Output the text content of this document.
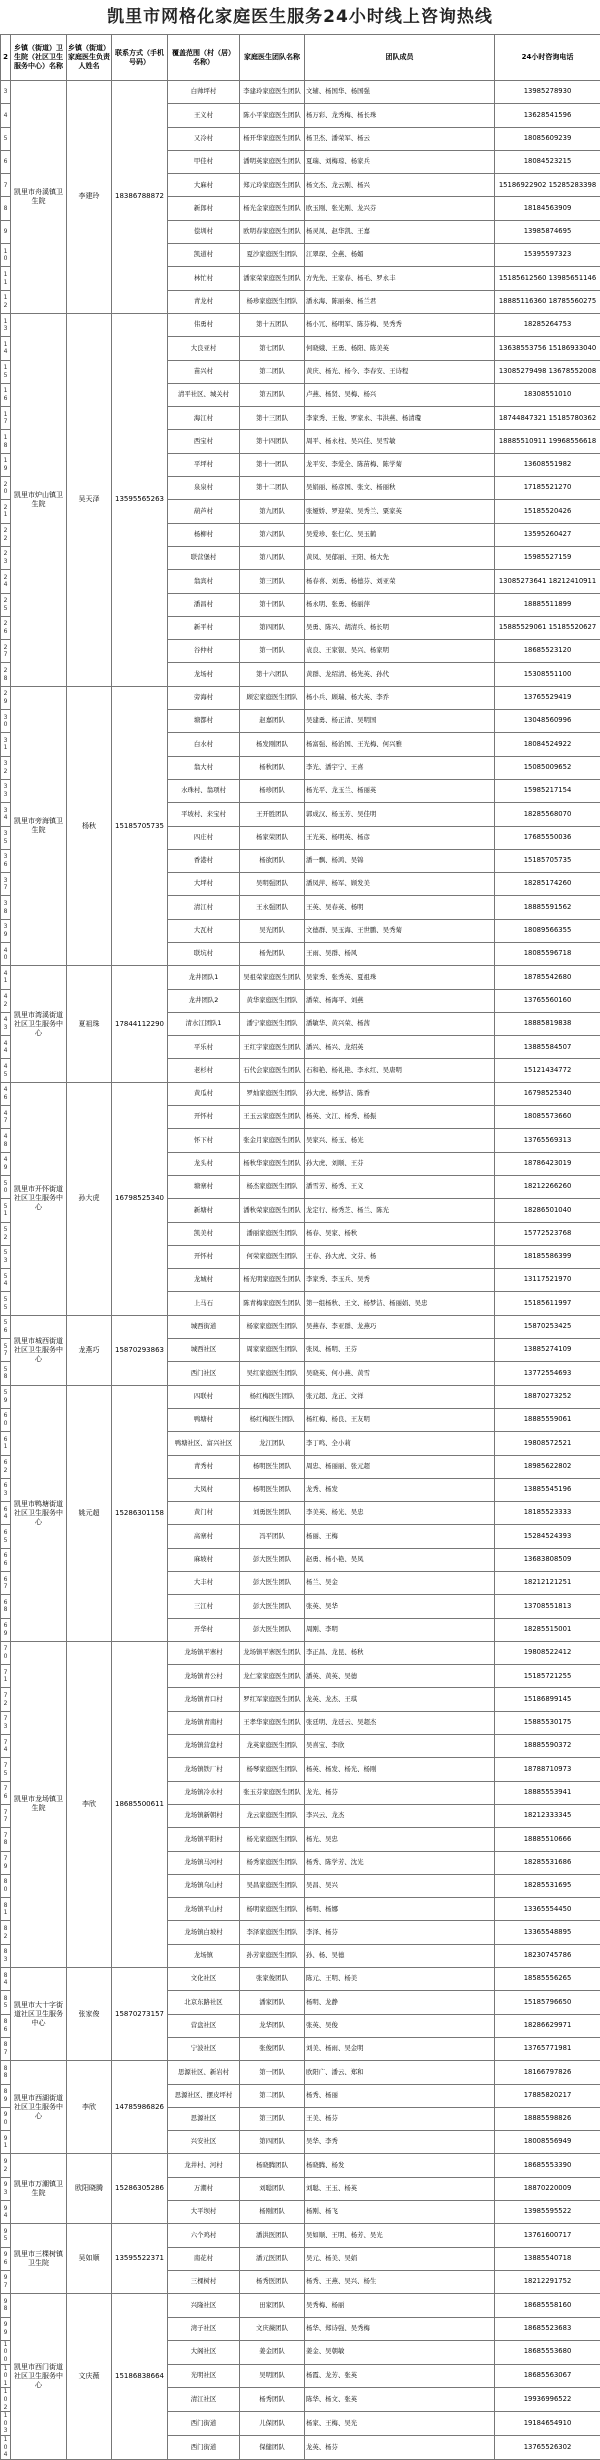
凯里市网格化家庭医生服务24小时线上咨询热线
2	乡镇（街道）卫生院（社区卫生服务中心）名称	乡镇（街道）家庭医生负责人姓名	联系方式（手机号码）	覆盖范围（村（居）名称）	家庭医生团队名称	团队成员	24小时咨询电话
3	凯里市舟溪镇卫生院	李建玲	18386788872	白帅坪村	李建玲家庭医生团队	文辅、杨国华、杨国强	13985278930
4				王义村	陈小平家庭医生团队	杨万彩、龙秀梅、杨长珠	13628541596
5				又冷村	杨开华家庭医生团队	杨卫杰、潘荣军、杨云	18085609239
6				甲佳村	潘明英家庭医生团队	夏瑞、刘梅琼、杨家兵	18084523215
7				大麻村	郑元玲家庭医生团队	杨文杰、龙云刚、杨兴	15186922902 15285283398
8				新郎村	杨光金家庭医生团队	欧玉刚、张光刚、龙兴芬	18184563909
9				偿圳村	欧明春家庭医生团队	杨灵凤、赵华凯、王嘉	13985874695
10				凯道村	夏沙家庭医生团队	江翠琛、全燕、杨媚	15395597323
11				林忙村	潘家荣家庭医生团队	方先先、王家春、杨毛、罗永丰	15185612560 13985651146
12				青龙村	杨珍家庭医生团队	潘永海、陈丽秦、杨兰君	18885116360 18785560275
13	凯里市炉山镇卫生院	吴天泽	13595565263	伟勇村	第十五团队	杨小冗、杨明军、陈芬梅、吴秀秀	18285264753
14				大良亚村	第七团队	何晓娥、王勇、杨阳、陈美英	13638553756 15186933040
15				苗兴村	第二团队	黄庆、杨光、杨今、李春安、王诗程	13085279498 13678552008
16				清平社区、城关村	第五团队	卢燕、杨贤、吴梅、杨兴	18308551010
17				海江村	第十三团队	李家秀、王俊、罗家永、韦洪燕、杨清瓊	18744847321 15185780362
18				西宝村	第十四团队	周平、杨永柱、吴兴佳、吴雪敏	18885510911 19968556618
19				平坪村	第十一团队	龙平安、李爱全、陈苗梅、陈学菊	13608551982
20				泉泉村	第十二团队	吴娟丽、杨彦国、张文、杨丽秋	17185521270
21				葫芦村	第九团队	张娅娇、罗迎荣、吴秀兰、粟家英	15185520426
22				杨柳村	第六团队	吴爱珍、张仁亿、吴玉鹤	13595260427
23				联营堡村	第八团队	黄凤、吴郁丽、王阳、杨大先	15985527159
24				翁宾村	第三团队	杨春喜、刘勇、杨德芬、刘亚荣	13085273641 18212410911
25				潘昌村	第十团队	杨永明、张勇、杨丽萍	18885511899
26				新平村	第四团队	吴勇、陈兴、胡清兵、杨长明	15885529061 15185520627
27				谷仲村	第一团队	袁良、王家银、吴兴、杨家明	18685523120
28				龙场村	第十六团队	黄群、龙绍清、杨先英、孙代	15308551100
29	凯里市旁海镇卫生院	杨秋	15185705735	旁海村	顾宏家庭医生团队	杨小兵、顾瑞、杨大英、李乔	13765529419
30				塘都村	赵嘉团队	吴建勇、杨正清、吴明国	13048560996
31				白水村	杨发刚团队	杨富强、杨治国、王光梅、何兴雅	18084524922
32				翁大村	杨秋团队	李光、潘宇宁、王喜	15085009652
33				水珠村、翁项村	杨珍团队	杨光平、龙玉兰、杨丽英	15985217154
34				平坡村、来宝村	王开胜团队	郭成汉、杨玉芳、吴佳明	18285568070
35				四庄村	杨家荣团队	王光英、杨明英、杨彦	17685550036
36				香港村	杨欲团队	潘一飘、杨鸿、吴锦	15185705735
37				大坪村	吴明强团队	潘凤萍、杨军、顾发美	18285174260
38				清江村	王永强团队	王英、吴春英、杨明	18885591562
39				大瓦村	吴光团队	文德群、吴玉海、王世鹏、吴秀菊	18089566355
40				联坑村	杨先团队	王雨、吴群、杨风	18085596718
41	凯里市湾溪街道社区卫生服务中心	夏祖珠	17844112290	龙井团队1	吴祖荣家庭医生团队	吴家秀、张秀英、夏祖珠	18785542680
42				龙井团队2	黄华家庭医生团队	潘荣、杨海平、刘燕	13765560160
43				清水江团队1	潘宁家庭医生团队	潘敏华、黄兴荣、杨茜	18885819838
44				平乐村	王红宇家庭医生团队	潘兴、杨兴、龙绍英	13885584507
45				老杉村	石代会家庭医生团队	石和艳、杨礼艳、李永红、吴唐明	15121434772
46	凯里市开怀街道社区卫生服务中心	孙大虎	16798525340	黄瓜村	罗灿家庭医生团队	孙大虎、杨梦洁、陈香	16798525340
47				开怀村	王玉云家庭医生团队	杨英、文江、杨秀、杨振	18085573660
48				怀下村	张金月家庭医生团队	吴家兴、杨玉、杨光	13765569313
49				龙头村	杨秋华家庭医生团队	孙大虎、刘顺、王芬	18786423019
50				塘寨村	杨杰家庭医生团队	潘雪芳、杨秀、王义	18212266260
51				新塘村	潘秋荣家庭医生团队	龙定行、杨秀芝、杨兰、陈光	18286501040
52				凯美村	潘丽家庭医生团队	杨春、吴家、杨秋	15772523768
53				开怀村	何荣家庭医生团队	王春、孙大虎、文芬、杨	18185586399
54				龙城村	杨光明家庭医生团队	李家秀、李玉兵、吴秀	13117521970
55				上马石	陈青梅家庭医生团队	第一组杨秋、王文、杨梦洁、杨丽娟、吴忠	15185611997
56	凯里市城西街道社区卫生服务中心	龙燕巧	15870293863	城西街道	杨家家庭医生团队	吴燕春、李亚群、龙燕巧	15870253425
57				城西社区	周家家庭医生团队	张凤、杨明、王芬	13885274109
58				西门社区	吴红家庭医生团队	吴晓英、何小燕、黄雪	13772554693
59	凯里市鸭塘街道社区卫生服务中心	姚元超	15286301158	四联村	杨红梅医生团队	张元超、龙正、文祥	18870273252
60				鸭塘村	杨红梅医生团队	杨红梅、杨良、王友明	18885559061
61				鸭塘社区、富兴社区	龙江团队	李丁鸣、全小莉	19808572521
62				青秀村	杨明医生团队	周忠、杨丽丽、张元超	18985622802
63				大凤村	杨明医生团队	龙秀、杨发	13885545196
64				黄门村	刘勇医生团队	李美英、杨光、吴忠	18185523333
65				高寨村	冯平团队	杨丽、王梅	15284524393
66				麻坡村	彭大医生团队	赵勇、杨小艳、吴凤	13683808509
67				大丰村	彭大医生团队	杨兰、吴金	18212121251
68				三江村	彭大医生团队	张英、吴华	13708551813
69				开华村	彭大医生团队	周刚、李明	18285515001
70	凯里市龙场镇卫生院	李欣	18685500611	龙场镇平寨村	龙场镇平寨医生团队	李正昌、龙昆、杨秋	19808522412
71				龙场镇青公村	龙仁家家庭医生团队	潘英、黄英、吴德	15185721255
72				龙场镇青口村	罗红军家庭医生团队	龙英、龙杰、王琪	15186899145
73				龙场镇青南村	王孝华家庭医生团队	张廷明、龙廷云、吴超杰	15885530175
74				龙场镇营盘村	龙英家庭医生团队	吴喜宝、李欣	18885590372
75				龙场镇铁厂村	杨琴家庭医生团队	杨英、杨发、杨光、杨刚	18788710973
76				龙场镇冷水村	张玉芬家庭医生团队	龙光、杨芬	18885553941
77				龙场镇新朝村	龙云家庭医生团队	李兴云、龙杰	18212333345
78				龙场镇平阳村	杨光家庭医生团队	杨光、吴忠	18885510666
79				龙场镇马河村	杨秀家庭医生团队	杨秀、陈学芳、沈光	18285531686
80				龙场镇乌山村	吴昌家庭医生团队	吴昌、吴兴	18285531695
81				龙场镇平山村	杨明家庭医生团队	杨明、杨娜	13365554450
82				龙场镇白坡村	李泽家庭医生团队	李泽、杨芬	13365548895
83				龙场镇	孙芳家庭医生团队	孙、杨、吴德	18230745786
84	凯里市大十字街道社区卫生服务中心	张家俊	15870273157	文化社区	张家俊团队	陈元、王明、杨美	18585556265
85				北京东路社区	潘家团队	杨明、龙静	15185796650
86				营盘社区	龙华团队	张英、吴俊	18286629971
87				宁波社区	张俊团队	刘美、杨雨、吴金明	13765771981
88	凯里市西湖街道社区卫生服务中心	李欣	14785986826	思源社区、新岩村	第一团队	欧阳广、潘云、郑和	18166797826
89				思源社区、摆皮坪村	第二团队	杨秀、杨丽	17885820217
90				思源社区	第三团队	王美、杨芬	18885598826
91				兴安社区	第四团队	吴华、李秀	18008556949
92	凯里市万潮镇卫生院	欧阳晓腾	15286305286	龙井村、河村	杨晓腾团队	杨晓腾、杨发	18685553390
93				万潮村	刘聪团队	刘聪、王玉、杨英	18870220009
94				大平坝村	杨刚团队	杨刚、杨飞	13985595522
95	凯里市三棵树镇卫生院	吴如顺	13595522371	六个鸡村	潘洪医团队	吴如顺、王明、杨芳、吴光	13761600717
96				南花村	潘元医团队	吴元、杨美、吴娟	13885540718
97				三棵树村	杨秀医团队	杨秀、王燕、吴兴、杨生	18212291752
98	凯里市西门街道社区卫生服务中心	文庆薇	15186838664	兴隆社区	田家团队	吴秀梅、杨丽	18685558160
99				湾子社区	文庆薇团队	杨华、郑诗强、吴秀梅	18685523683
100				大阁社区	姜金团队	姜金、吴朝敏	18685553680
101				光明社区	吴明团队	杨霞、龙芳、张英	18685563067
102				清江社区	杨秀团队	陈华、杨文、张英	19936996522
103				西门街道	儿保团队	杨家、王梅、吴光	19184654910
104				西门街道	保健团队	龙英、杨芬	13765526302
